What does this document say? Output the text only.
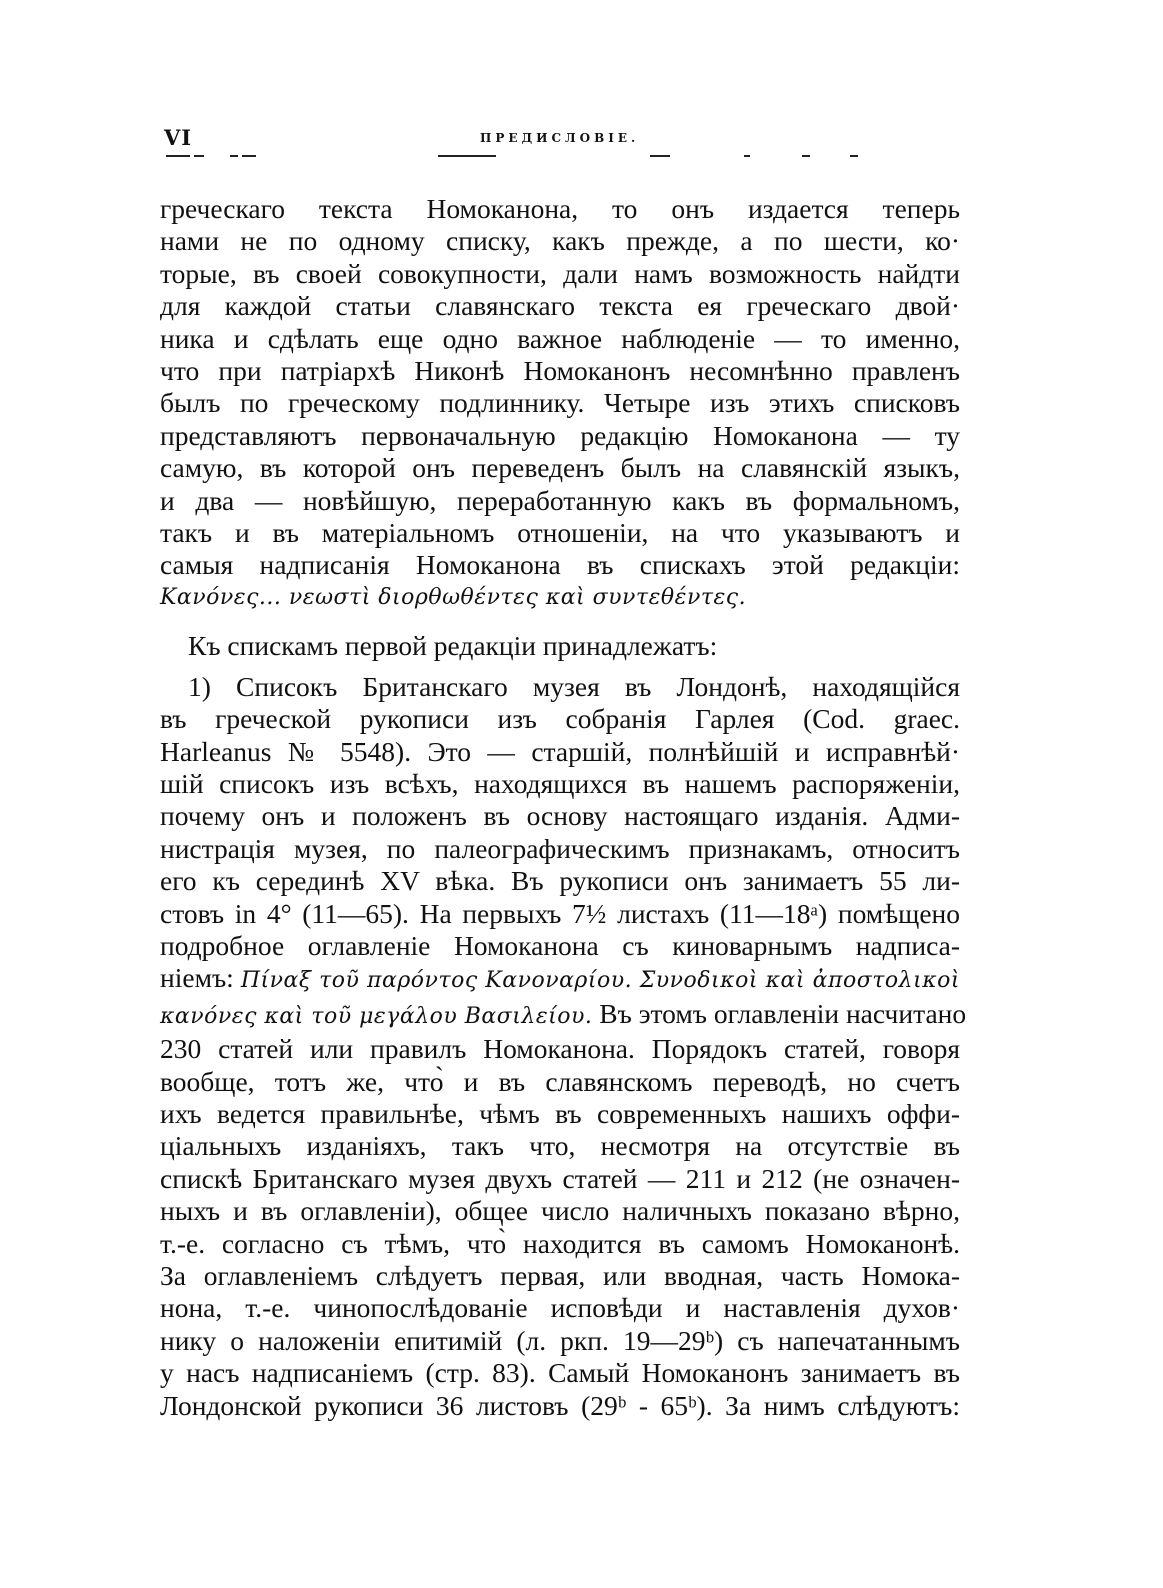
VI	ПРЕДИСЛОВІЕ.
греческаго текста Номоканона, то онъ издается теперь
нами не по одному списку, какъ прежде, а по шести, ко·
торые, въ своей совокупности, дали намъ возможность найдти
для каждой статьи славянскаго текста ея греческаго двой·
ника и сдѣлать еще одно важное наблюденіе — то именно,
что при патріархѣ Никонѣ Номоканонъ несомнѣнно правленъ
былъ по греческому подлиннику. Четыре изъ этихъ списковъ
представляютъ первоначальную редакцію Номоканона — ту
самую, въ которой онъ переведенъ былъ на славянскій языкъ,
и два — новѣйшую, переработанную какъ въ формальномъ,
такъ и въ матеріальномъ отношеніи, на что указываютъ и
самыя надписанія Номоканона въ спискахъ этой редакціи:
Κανόνες... νεωστὶ διορθωθέντες καὶ συντεθέντες.
Къ спискамъ первой редакціи принадлежатъ:
1) Списокъ Британскаго музея въ Лондонѣ, находящійся
въ греческой рукописи изъ собранія Гарлея (Cod. graec.
Harleanus № 5548). Это — старшій, полнѣйшій и исправнѣй·
шій списокъ изъ всѣхъ, находящихся въ нашемъ распоряженіи,
почему онъ и положенъ въ основу настоящаго изданія. Адми-
нистрація музея, по палеографическимъ признакамъ, относитъ
его къ серединѣ XV вѣка. Въ рукописи онъ занимаетъ 55 ли-
стовъ in 4° (11—65). На первыхъ 7½ листахъ (11—18ᵃ) помѣщено
подробное оглавленіе Номоканона съ киноварнымъ надписа-
ніемъ: Πίναξ τοῦ παρόντος Κανοναρίου. Συνοδικοὶ καὶ ἀποστολικοὶ
κανόνες καὶ τοῦ μεγάλου Βασιλείου. Въ этомъ оглавленіи насчитано
230 статей или правилъ Номоканона. Порядокъ статей, говоря
вообще, тотъ же, что̀ и въ славянскомъ переводѣ, но счетъ
ихъ ведется правильнѣе, чѣмъ въ современныхъ нашихъ оффи-
ціальныхъ изданіяхъ, такъ что, несмотря на отсутствіе въ
спискѣ Британскаго музея двухъ статей — 211 и 212 (не означен-
ныхъ и въ оглавленіи), общее число наличныхъ показано вѣрно,
т.-е. согласно съ тѣмъ, что̀ находится въ самомъ Номоканонѣ.
За оглавленіемъ слѣдуетъ первая, или вводная, часть Номока-
нона, т.-е. чинопослѣдованіе исповѣди и наставленія духов·
нику о наложеніи епитимій (л. ркп. 19—29ᵇ) съ напечатаннымъ
у насъ надписаніемъ (стр. 83). Самый Номоканонъ занимаетъ въ
Лондонской рукописи 36 листовъ (29ᵇ - 65ᵇ). За нимъ слѣдуютъ:
